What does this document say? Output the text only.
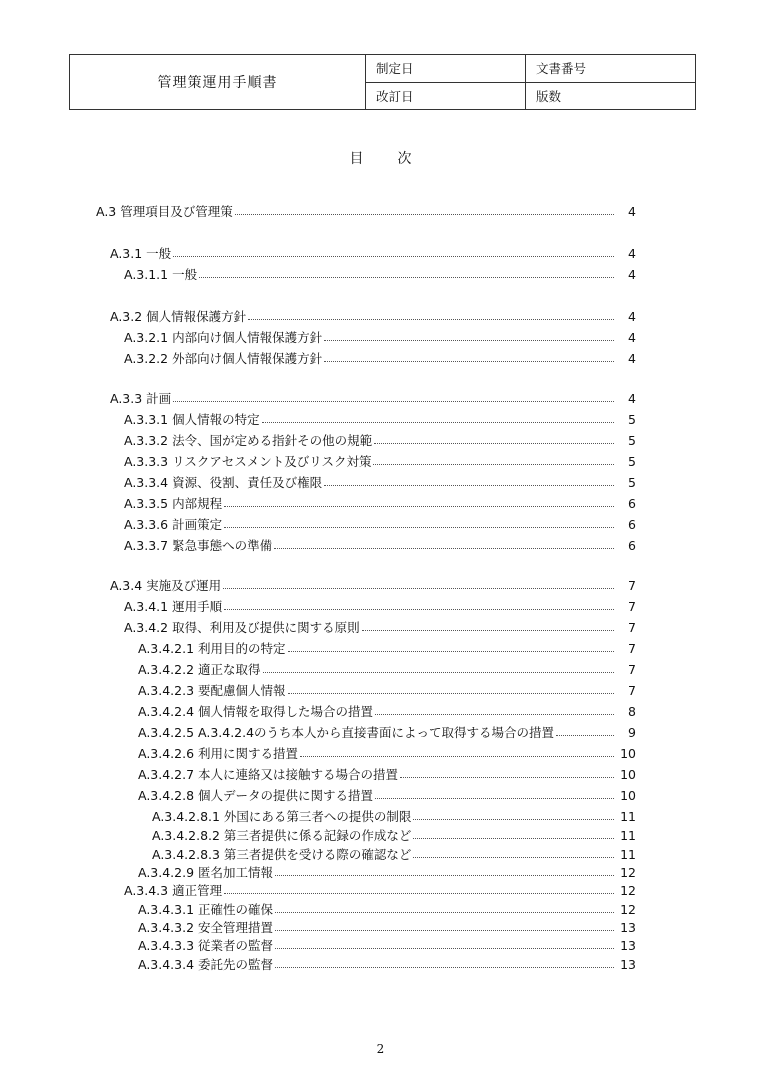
管理策運用手順書	制定日	文書番号
	改訂日	版数
目 次
A.3 管理項目及び管理策	4
A.3.1 一般	4
A.3.1.1 一般	4
A.3.2 個人情報保護方針	4
A.3.2.1 内部向け個人情報保護方針	4
A.3.2.2 外部向け個人情報保護方針	4
A.3.3 計画	4
A.3.3.1 個人情報の特定	5
A.3.3.2 法令、国が定める指針その他の規範	5
A.3.3.3 リスクアセスメント及びリスク対策	5
A.3.3.4 資源、役割、責任及び権限	5
A.3.3.5 内部規程	6
A.3.3.6 計画策定	6
A.3.3.7 緊急事態への準備	6
A.3.4 実施及び運用	7
A.3.4.1 運用手順	7
A.3.4.2 取得、利用及び提供に関する原則	7
A.3.4.2.1 利用目的の特定	7
A.3.4.2.2 適正な取得	7
A.3.4.2.3 要配慮個人情報	7
A.3.4.2.4 個人情報を取得した場合の措置	8
A.3.4.2.5 A.3.4.2.4のうち本人から直接書面によって取得する場合の措置	9
A.3.4.2.6 利用に関する措置	10
A.3.4.2.7 本人に連絡又は接触する場合の措置	10
A.3.4.2.8 個人データの提供に関する措置	10
A.3.4.2.8.1 外国にある第三者への提供の制限	11
A.3.4.2.8.2 第三者提供に係る記録の作成など	11
A.3.4.2.8.3 第三者提供を受ける際の確認など	11
A.3.4.2.9 匿名加工情報	12
A.3.4.3 適正管理	12
A.3.4.3.1 正確性の確保	12
A.3.4.3.2 安全管理措置	13
A.3.4.3.3 従業者の監督	13
A.3.4.3.4 委託先の監督	13
2
